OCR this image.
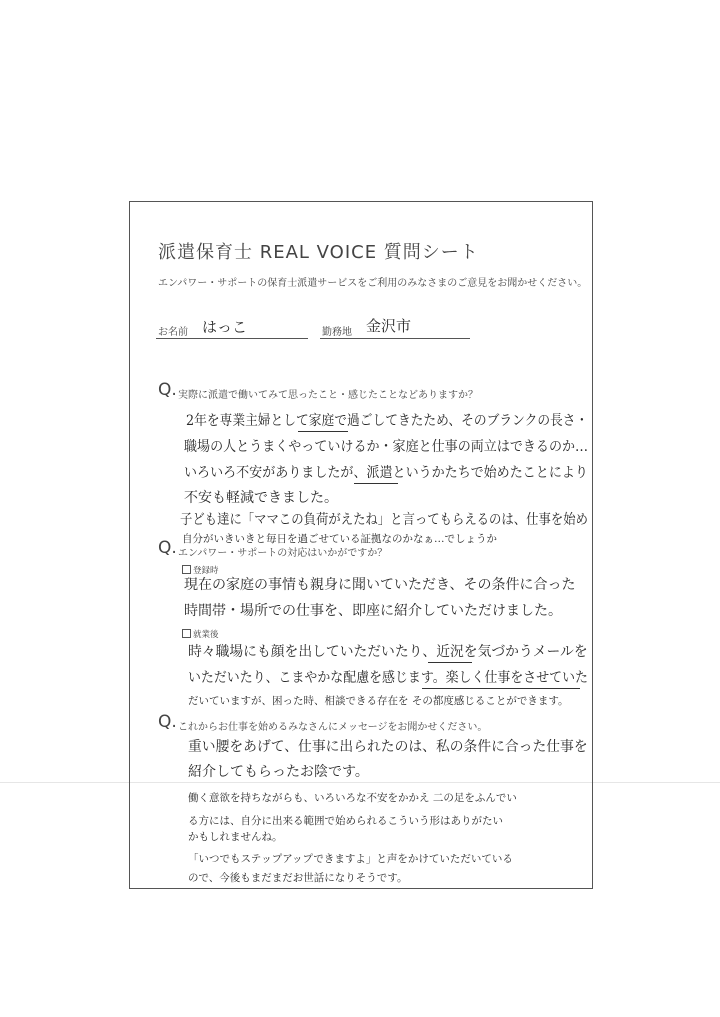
派遣保育士 REAL VOICE 質問シート
エンパワー・サポートの保育士派遣サービスをご利用のみなさまのご意見をお聞かせください。
お名前 はっこ	勤務地 金沢市
Q. 実際に派遣で働いてみて思ったこと・感じたことなどありますか？
2年を専業主婦として家庭で過ごしてきたため、そのブランクの長さ・
職場の人とうまくやっていけるか・家庭と仕事の両立はできるのか…
いろいろ不安がありましたが、派遣というかたちで始めたことにより
不安も軽減できました。
子ども達に「ママこの負荷がえたね」と言ってもらえるのは、仕事を始め
自分がいきいきと毎日を過ごせている証拠なのかなぁ…でしょうか
Q. エンパワー・サポートの対応はいかがですか？
登録時
現在の家庭の事情も親身に聞いていただき、その条件に合った
時間帯・場所での仕事を、即座に紹介していただけました。
就業後
時々職場にも顔を出していただいたり、近況を気づかうメールを
いただいたり、こまやかな配慮を感じます。楽しく仕事をさせていた
だいていますが、困った時、相談できる存在を その都度感じることができます。
Q. これからお仕事を始めるみなさんにメッセージをお聞かせください。
重い腰をあげて、仕事に出られたのは、私の条件に合った仕事を
紹介してもらったお陰です。
働く意欲を持ちながらも、いろいろな不安をかかえ 二の足をふんでい
る方には、自分に出来る範囲で始められるこういう形はありがたい
かもしれませんね。
「いつでもステップアップできますよ」と声をかけていただいている
ので、今後もまだまだお世話になりそうです。
